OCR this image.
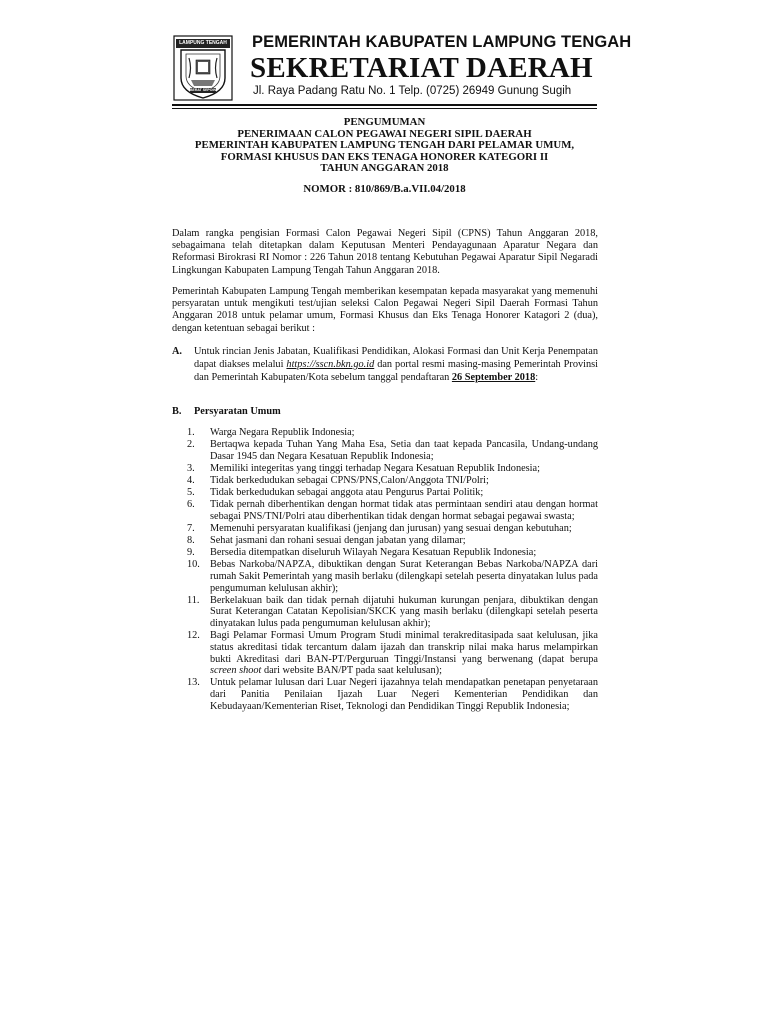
LAMPUNG TENGAH
BERAT SEPOIN
PEMERINTAH KABUPATEN LAMPUNG TENGAH
SEKRETARIAT DAERAH
Jl. Raya Padang Ratu No. 1 Telp. (0725) 26949 Gunung Sugih
PENGUMUMAN
PENERIMAAN CALON PEGAWAI NEGERI SIPIL DAERAH
PEMERINTAH KABUPATEN LAMPUNG TENGAH DARI PELAMAR UMUM,
FORMASI KHUSUS DAN EKS TENAGA HONORER KATEGORI II
TAHUN ANGGARAN 2018
NOMOR : 810/869/B.a.VII.04/2018
Dalam rangka pengisian Formasi Calon Pegawai Negeri Sipil (CPNS) Tahun Anggaran 2018, sebagaimana telah ditetapkan dalam Keputusan Menteri Pendayagunaan Aparatur Negara dan Reformasi Birokrasi RI Nomor : 226 Tahun 2018 tentang Kebutuhan Pegawai Aparatur Sipil Negaradi Lingkungan Kabupaten Lampung Tengah Tahun Anggaran 2018.
Pemerintah Kabupaten Lampung Tengah memberikan kesempatan kepada masyarakat yang memenuhi persyaratan untuk mengikuti test/ujian seleksi Calon Pegawai Negeri Sipil Daerah Formasi Tahun Anggaran 2018 untuk pelamar umum, Formasi Khusus dan Eks Tenaga Honorer Katagori 2 (dua), dengan ketentuan sebagai berikut :
A. Untuk rincian Jenis Jabatan, Kualifikasi Pendidikan, Alokasi Formasi dan Unit Kerja Penempatan dapat diakses melalui https://sscn.bkn.go.id dan portal resmi masing-masing Pemerintah Provinsi dan Pemerintah Kabupaten/Kota sebelum tanggal pendaftaran 26 September 2018:
B. Persyaratan Umum
1.	Warga Negara Republik Indonesia;
2.	Bertaqwa kepada Tuhan Yang Maha Esa, Setia dan taat kepada Pancasila, Undang-undang Dasar 1945 dan Negara Kesatuan Republik Indonesia;
3.	Memiliki integeritas yang tinggi terhadap Negara Kesatuan Republik Indonesia;
4.	Tidak berkedudukan sebagai CPNS/PNS,Calon/Anggota TNI/Polri;
5.	Tidak berkedudukan sebagai anggota atau Pengurus Partai Politik;
6.	Tidak pernah diberhentikan dengan hormat tidak atas permintaan sendiri atau dengan hormat sebagai PNS/TNI/Polri atau diberhentikan tidak dengan hormat sebagai pegawai swasta;
7.	Memenuhi persyaratan kualifikasi (jenjang dan jurusan) yang sesuai dengan kebutuhan;
8.	Sehat jasmani dan rohani sesuai dengan jabatan yang dilamar;
9.	Bersedia ditempatkan diseluruh Wilayah Negara Kesatuan Republik Indonesia;
10. Bebas Narkoba/NAPZA, dibuktikan dengan Surat Keterangan Bebas Narkoba/NAPZA dari rumah Sakit Pemerintah yang masih berlaku (dilengkapi setelah peserta dinyatakan lulus pada pengumuman kelulusan akhir);
11.	Berkelakuan baik dan tidak pernah dijatuhi hukuman kurungan penjara, dibuktikan dengan Surat Keterangan Catatan Kepolisian/SKCK yang masih berlaku (dilengkapi setelah peserta dinyatakan lulus pada pengumuman kelulusan akhir);
12. Bagi Pelamar Formasi Umum Program Studi minimal terakreditasipada saat kelulusan, jika status akreditasi tidak tercantum dalam ijazah dan transkrip nilai maka harus melampirkan bukti Akreditasi dari BAN-PT/Perguruan Tinggi/Instansi yang berwenang (dapat berupa screen shoot dari website BAN/PT pada saat kelulusan);
13. Untuk pelamar lulusan dari Luar Negeri ijazahnya telah mendapatkan penetapan penyetaraan dari Panitia Penilaian Ijazah Luar Negeri Kementerian Pendidikan dan Kebudayaan/Kementerian Riset, Teknologi dan Pendidikan Tinggi Republik Indonesia;
